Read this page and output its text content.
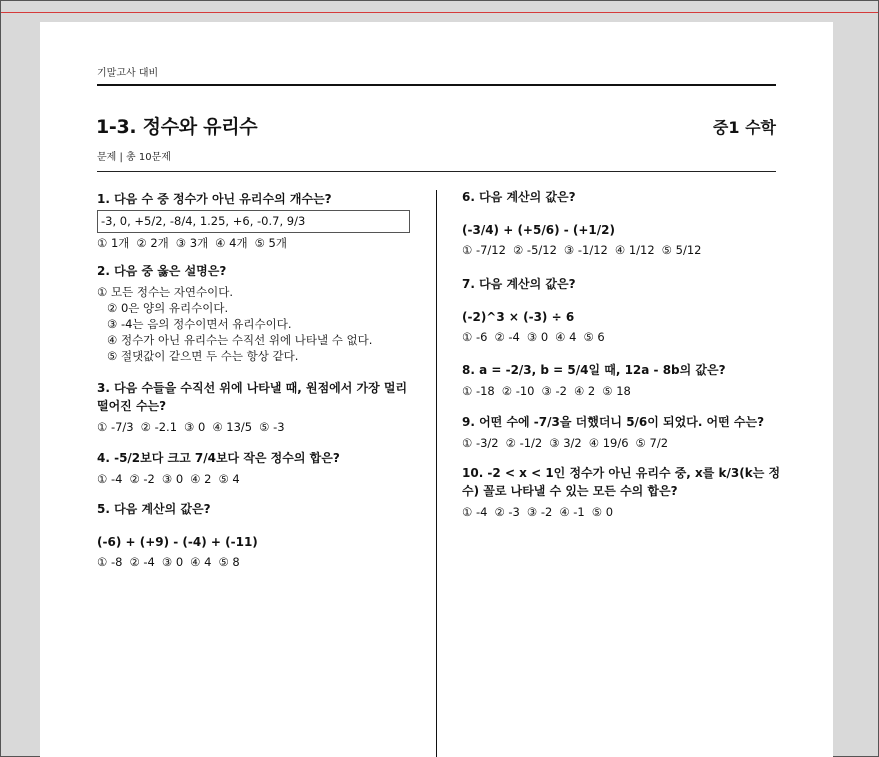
기말고사 대비
1-3. 정수와 유리수	중1 수학
문제 | 총 10문제
1. 다음 수 중 정수가 아닌 유리수의 개수는?
-3, 0, +5/2, -8/4, 1.25, +6, -0.7, 9/3
① 1개 ② 2개 ③ 3개 ④ 4개 ⑤ 5개
2. 다음 중 옳은 설명은?
① 모든 정수는 자연수이다.
② 0은 양의 유리수이다.
③ -4는 음의 정수이면서 유리수이다.
④ 정수가 아닌 유리수는 수직선 위에 나타낼 수 없다.
⑤ 절댓값이 같으면 두 수는 항상 같다.
3. 다음 수들을 수직선 위에 나타낼 때, 원점에서 가장 멀리 떨어진 수는?
① -7/3 ② -2.1 ③ 0 ④ 13/5 ⑤ -3
4. -5/2보다 크고 7/4보다 작은 정수의 합은?
① -4 ② -2 ③ 0 ④ 2 ⑤ 4
5. 다음 계산의 값은?
(-6) + (+9) - (-4) + (-11)
① -8 ② -4 ③ 0 ④ 4 ⑤ 8
6. 다음 계산의 값은?
(-3/4) + (+5/6) - (+1/2)
① -7/12 ② -5/12 ③ -1/12 ④ 1/12 ⑤ 5/12
7. 다음 계산의 값은?
(-2)^3 × (-3) ÷ 6
① -6 ② -4 ③ 0 ④ 4 ⑤ 6
8. a = -2/3, b = 5/4일 때, 12a - 8b의 값은?
① -18 ② -10 ③ -2 ④ 2 ⑤ 18
9. 어떤 수에 -7/3을 더했더니 5/6이 되었다. 어떤 수는?
① -3/2 ② -1/2 ③ 3/2 ④ 19/6 ⑤ 7/2
10. -2 < x < 1인 정수가 아닌 유리수 중, x를 k/3(k는 정수) 꼴로 나타낼 수 있는 모든 수의 합은?
① -4 ② -3 ③ -2 ④ -1 ⑤ 0
